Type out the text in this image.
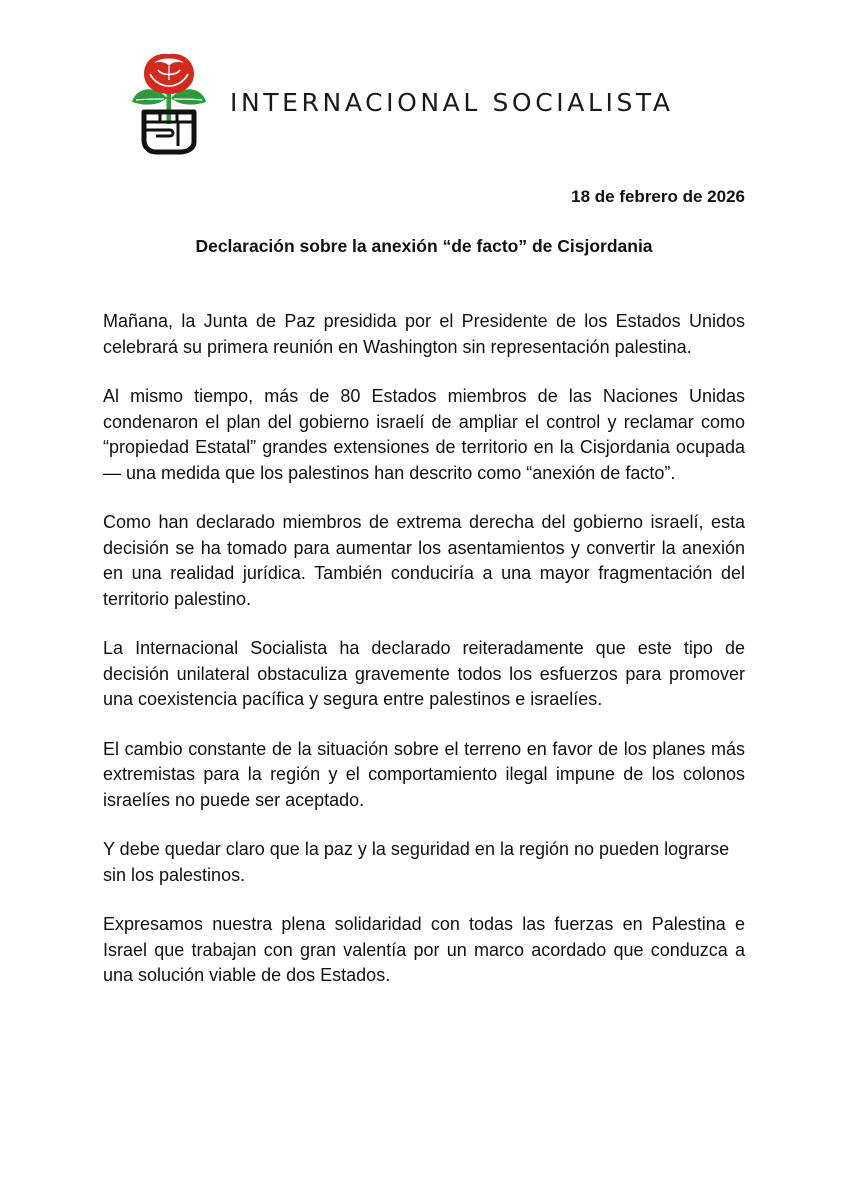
INTERNACIONAL SOCIALISTA
18 de febrero de 2026
Declaración sobre la anexión “de facto” de Cisjordania

Mañana, la Junta de Paz presidida por el Presidente de los Estados Unidos celebrará su primera reunión en Washington sin representación palestina.

Al mismo tiempo, más de 80 Estados miembros de las Naciones Unidas condenaron el plan del gobierno israelí de ampliar el control y reclamar como “propiedad Estatal” grandes extensiones de territorio en la Cisjordania ocupada — una medida que los palestinos han descrito como “anexión de facto”.

Como han declarado miembros de extrema derecha del gobierno israelí, esta decisión se ha tomado para aumentar los asentamientos y convertir la anexión en una realidad jurídica. También conduciría a una mayor fragmentación del territorio palestino.

La Internacional Socialista ha declarado reiteradamente que este tipo de decisión unilateral obstaculiza gravemente todos los esfuerzos para promover una coexistencia pacífica y segura entre palestinos e israelíes.

El cambio constante de la situación sobre el terreno en favor de los planes más extremistas para la región y el comportamiento ilegal impune de los colonos israelíes no puede ser aceptado.

Y debe quedar claro que la paz y la seguridad en la región no pueden lograrse sin los palestinos.

Expresamos nuestra plena solidaridad con todas las fuerzas en Palestina e Israel que trabajan con gran valentía por un marco acordado que conduzca a una solución viable de dos Estados.
